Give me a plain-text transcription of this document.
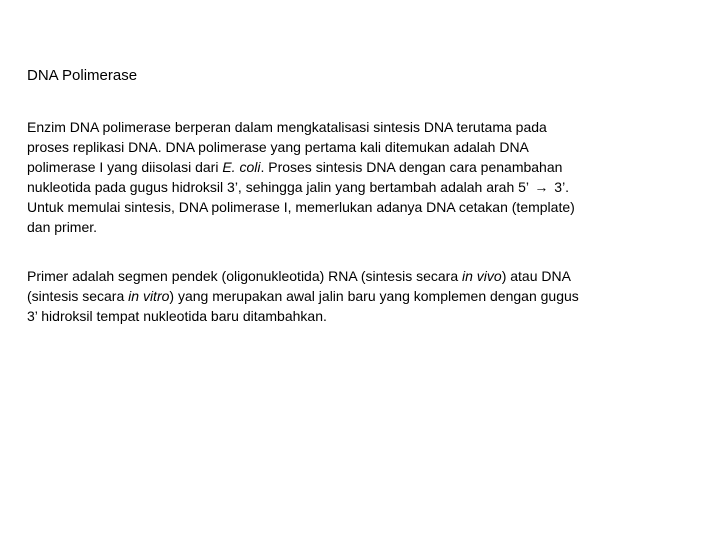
DNA Polimerase
Enzim DNA polimerase berperan dalam mengkatalisasi sintesis DNA terutama pada
proses replikasi DNA. DNA polimerase yang pertama kali ditemukan adalah DNA
polimerase I yang diisolasi dari E. coli. Proses sintesis DNA dengan cara penambahan
nukleotida pada gugus hidroksil 3’, sehingga jalin yang bertambah adalah arah 5’ → 3’.
Untuk memulai sintesis, DNA polimerase I, memerlukan adanya DNA cetakan (template)
dan primer.
Primer adalah segmen pendek (oligonukleotida) RNA (sintesis secara in vivo) atau DNA
(sintesis secara in vitro) yang merupakan awal jalin baru yang komplemen dengan gugus
3’ hidroksil tempat nukleotida baru ditambahkan.
